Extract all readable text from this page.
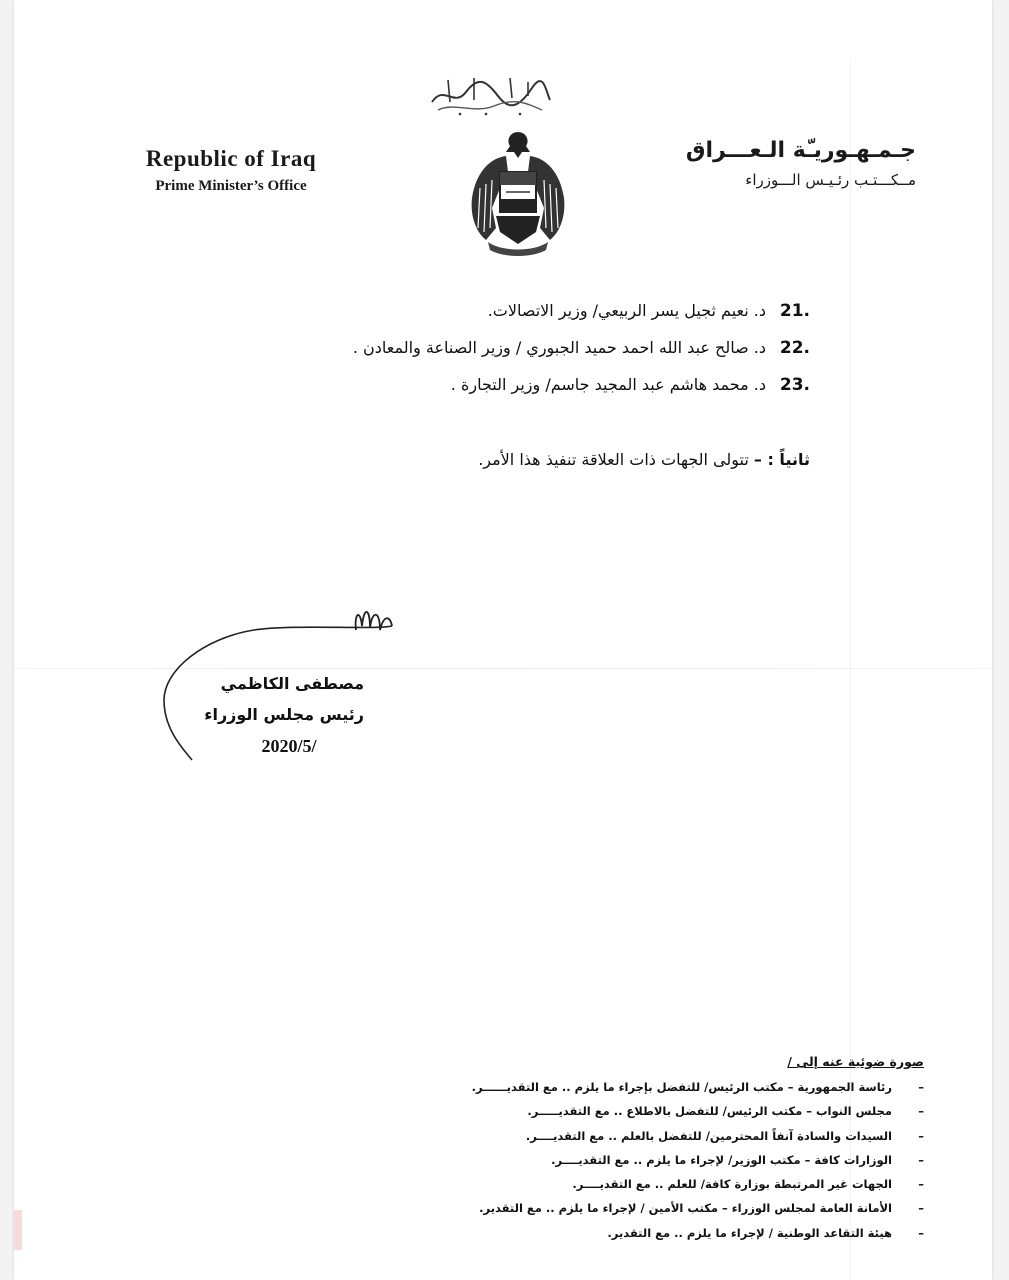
Republic of Iraq
Prime Minister’s Office
جـمـهـوريـّة الـعـــراق
مــكـــتـب رئـيـس الـــوزراء
21.
د. نعيم ثجيل يسر الربيعي/ وزير الاتصالات.
22.
د. صالح عبد الله احمد حميد الجبوري / وزير الصناعة والمعادن .
23.
د. محمد هاشم عبد المجيد جاسم/ وزير التجارة .
ثانياً : – تتولى الجهات ذات العلاقة تنفيذ هذا الأمر.
مصطفى الكاظمي
رئيس مجلس الوزراء
2020/5/
صورة ضوئية عنه إلى /
–
رئاسة الجمهورية – مكتب الرئيس/ للتفضل بإجراء ما يلزم .. مع التقديــــــر.
–
مجلس النواب – مكتب الرئيس/ للتفضل بالاطلاع .. مع التقديـــــر.
–
السيدات والسادة آنفاً المحترمين/ للتفضل بالعلم .. مع التقديــــر.
–
الوزارات كافة – مكتب الوزير/ لإجراء ما يلزم .. مع التقديــــر.
–
الجهات غير المرتبطة بوزارة كافة/ للعلم .. مع التقديــــر.
–
الأمانة العامة لمجلس الوزراء – مكتب الأمين / لإجراء ما يلزم .. مع التقدير.
–
هيئة التقاعد الوطنية / لإجراء ما يلزم .. مع التقدير.
